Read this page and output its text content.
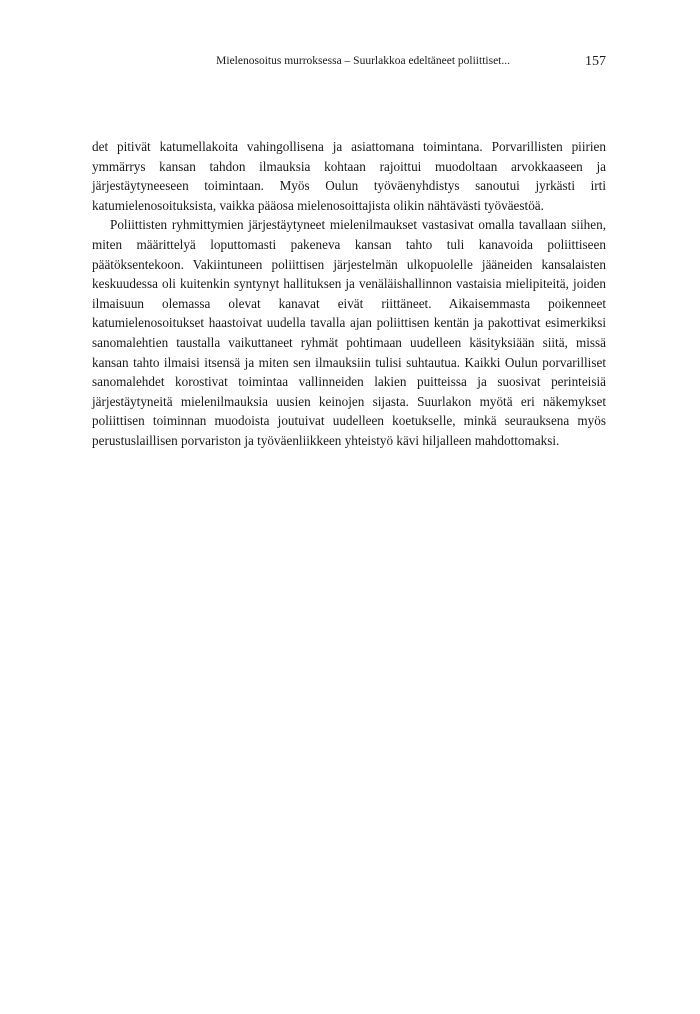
Mielenosoitus murroksessa – Suurlakkoa edeltäneet poliittiset...	157

det pitivät katumellakoita vahingollisena ja asiattomana toimintana. Porvarillisten piirien ymmärrys kansan tahdon ilmauksia kohtaan rajoittui muodoltaan arvokkaaseen ja järjestäytyneeseen toimintaan. Myös Oulun työväenyhdistys sanoutui jyrkästi irti katumielenosoituksista, vaikka pääosa mielenosoittajista olikin nähtävästi työväestöä.

Poliittisten ryhmittymien järjestäytyneet mielenilmaukset vastasivat omalla tavallaan siihen, miten määrittelyä loputtomasti pakeneva kansan tahto tuli kanavoida poliittiseen päätöksentekoon. Vakiintuneen poliittisen järjestelmän ulkopuolelle jääneiden kansalaisten keskuudessa oli kuitenkin syntynyt hallituksen ja venäläishallinnon vastaisia mielipiteitä, joiden ilmaisuun olemassa olevat kanavat eivät riittäneet. Aikaisemmasta poikenneet katumielenosoitukset haastoivat uudella tavalla ajan poliittisen kentän ja pakottivat esimerkiksi sanomalehtien taustalla vaikuttaneet ryhmät pohtimaan uudelleen käsityksiään siitä, missä kansan tahto ilmaisi itsensä ja miten sen ilmauksiin tulisi suhtautua. Kaikki Oulun porvarilliset sanomalehdet korostivat toimintaa vallinneiden lakien puitteissa ja suosivat perinteisiä järjestäytyneitä mielenilmauksia uusien keinojen sijasta. Suurlakon myötä eri näkemykset poliittisen toiminnan muodoista joutuivat uudelleen koetukselle, minkä seurauksena myös perustuslaillisen porvariston ja työväenliikkeen yhteistyö kävi hiljalleen mahdottomaksi.
